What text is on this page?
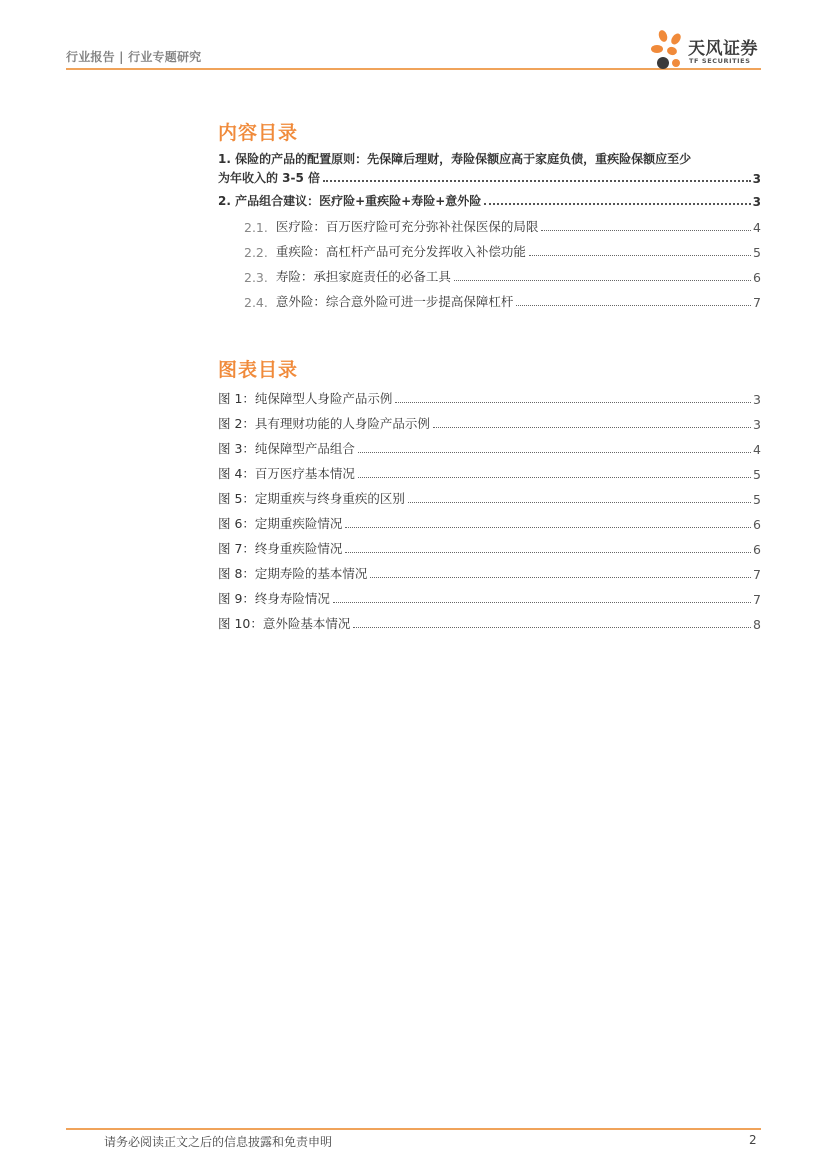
行业报告 | 行业专题研究	天风证券
TF SECURITIES
内容目录
1. 保险的产品的配置原则：先保障后理财，寿险保额应高于家庭负债，重疾险保额应至少
为年收入的 3-5 倍	3
2. 产品组合建议：医疗险+重疾险+寿险+意外险	3
2.1. 医疗险：百万医疗险可充分弥补社保医保的局限	4
2.2. 重疾险：高杠杆产品可充分发挥收入补偿功能	5
2.3. 寿险：承担家庭责任的必备工具	6
2.4. 意外险：综合意外险可进一步提高保障杠杆	7
图表目录
图 1：纯保障型人身险产品示例	3
图 2：具有理财功能的人身险产品示例	3
图 3：纯保障型产品组合	4
图 4：百万医疗基本情况	5
图 5：定期重疾与终身重疾的区别	5
图 6：定期重疾险情况	6
图 7：终身重疾险情况	6
图 8：定期寿险的基本情况	7
图 9：终身寿险情况	7
图 10：意外险基本情况	8
请务必阅读正文之后的信息披露和免责申明	2
